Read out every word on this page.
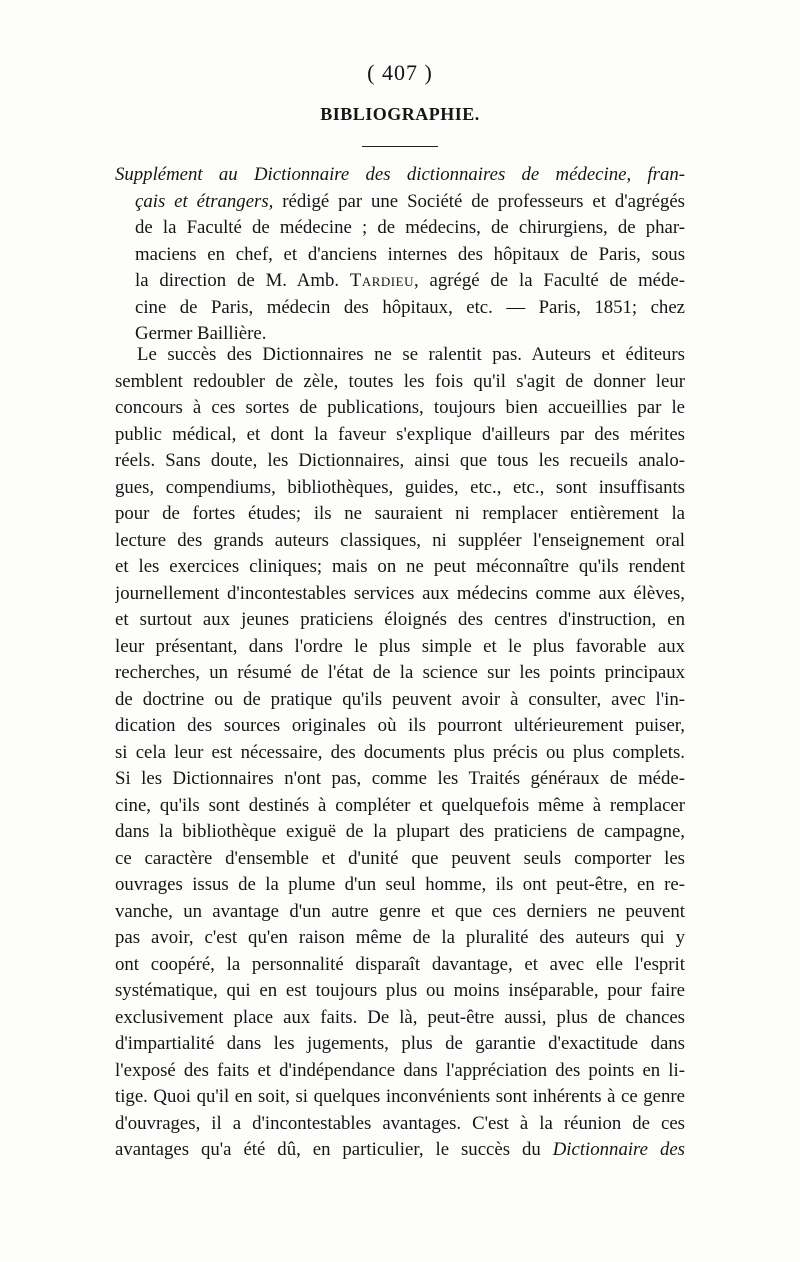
( 407 )
BIBLIOGRAPHIE.
Supplément au Dictionnaire des dictionnaires de médecine, fran-
çais et étrangers, rédigé par une Société de professeurs et d'agrégés
de la Faculté de médecine ; de médecins, de chirurgiens, de phar-
maciens en chef, et d'anciens internes des hôpitaux de Paris, sous
la direction de M. Amb. Tardieu, agrégé de la Faculté de méde-
cine de Paris, médecin des hôpitaux, etc. — Paris, 1851; chez
Germer Baillière.
Le succès des Dictionnaires ne se ralentit pas. Auteurs et éditeurs
semblent redoubler de zèle, toutes les fois qu'il s'agit de donner leur
concours à ces sortes de publications, toujours bien accueillies par le
public médical, et dont la faveur s'explique d'ailleurs par des mérites
réels. Sans doute, les Dictionnaires, ainsi que tous les recueils analo-
gues, compendiums, bibliothèques, guides, etc., etc., sont insuffisants
pour de fortes études; ils ne sauraient ni remplacer entièrement la
lecture des grands auteurs classiques, ni suppléer l'enseignement oral
et les exercices cliniques; mais on ne peut méconnaître qu'ils rendent
journellement d'incontestables services aux médecins comme aux élèves,
et surtout aux jeunes praticiens éloignés des centres d'instruction, en
leur présentant, dans l'ordre le plus simple et le plus favorable aux
recherches, un résumé de l'état de la science sur les points principaux
de doctrine ou de pratique qu'ils peuvent avoir à consulter, avec l'in-
dication des sources originales où ils pourront ultérieurement puiser,
si cela leur est nécessaire, des documents plus précis ou plus complets.
Si les Dictionnaires n'ont pas, comme les Traités généraux de méde-
cine, qu'ils sont destinés à compléter et quelquefois même à remplacer
dans la bibliothèque exiguë de la plupart des praticiens de campagne,
ce caractère d'ensemble et d'unité que peuvent seuls comporter les
ouvrages issus de la plume d'un seul homme, ils ont peut-être, en re-
vanche, un avantage d'un autre genre et que ces derniers ne peuvent
pas avoir, c'est qu'en raison même de la pluralité des auteurs qui y
ont coopéré, la personnalité disparaît davantage, et avec elle l'esprit
systématique, qui en est toujours plus ou moins inséparable, pour faire
exclusivement place aux faits. De là, peut-être aussi, plus de chances
d'impartialité dans les jugements, plus de garantie d'exactitude dans
l'exposé des faits et d'indépendance dans l'appréciation des points en li-
tige. Quoi qu'il en soit, si quelques inconvénients sont inhérents à ce genre
d'ouvrages, il a d'incontestables avantages. C'est à la réunion de ces
avantages qu'a été dû, en particulier, le succès du Dictionnaire des
